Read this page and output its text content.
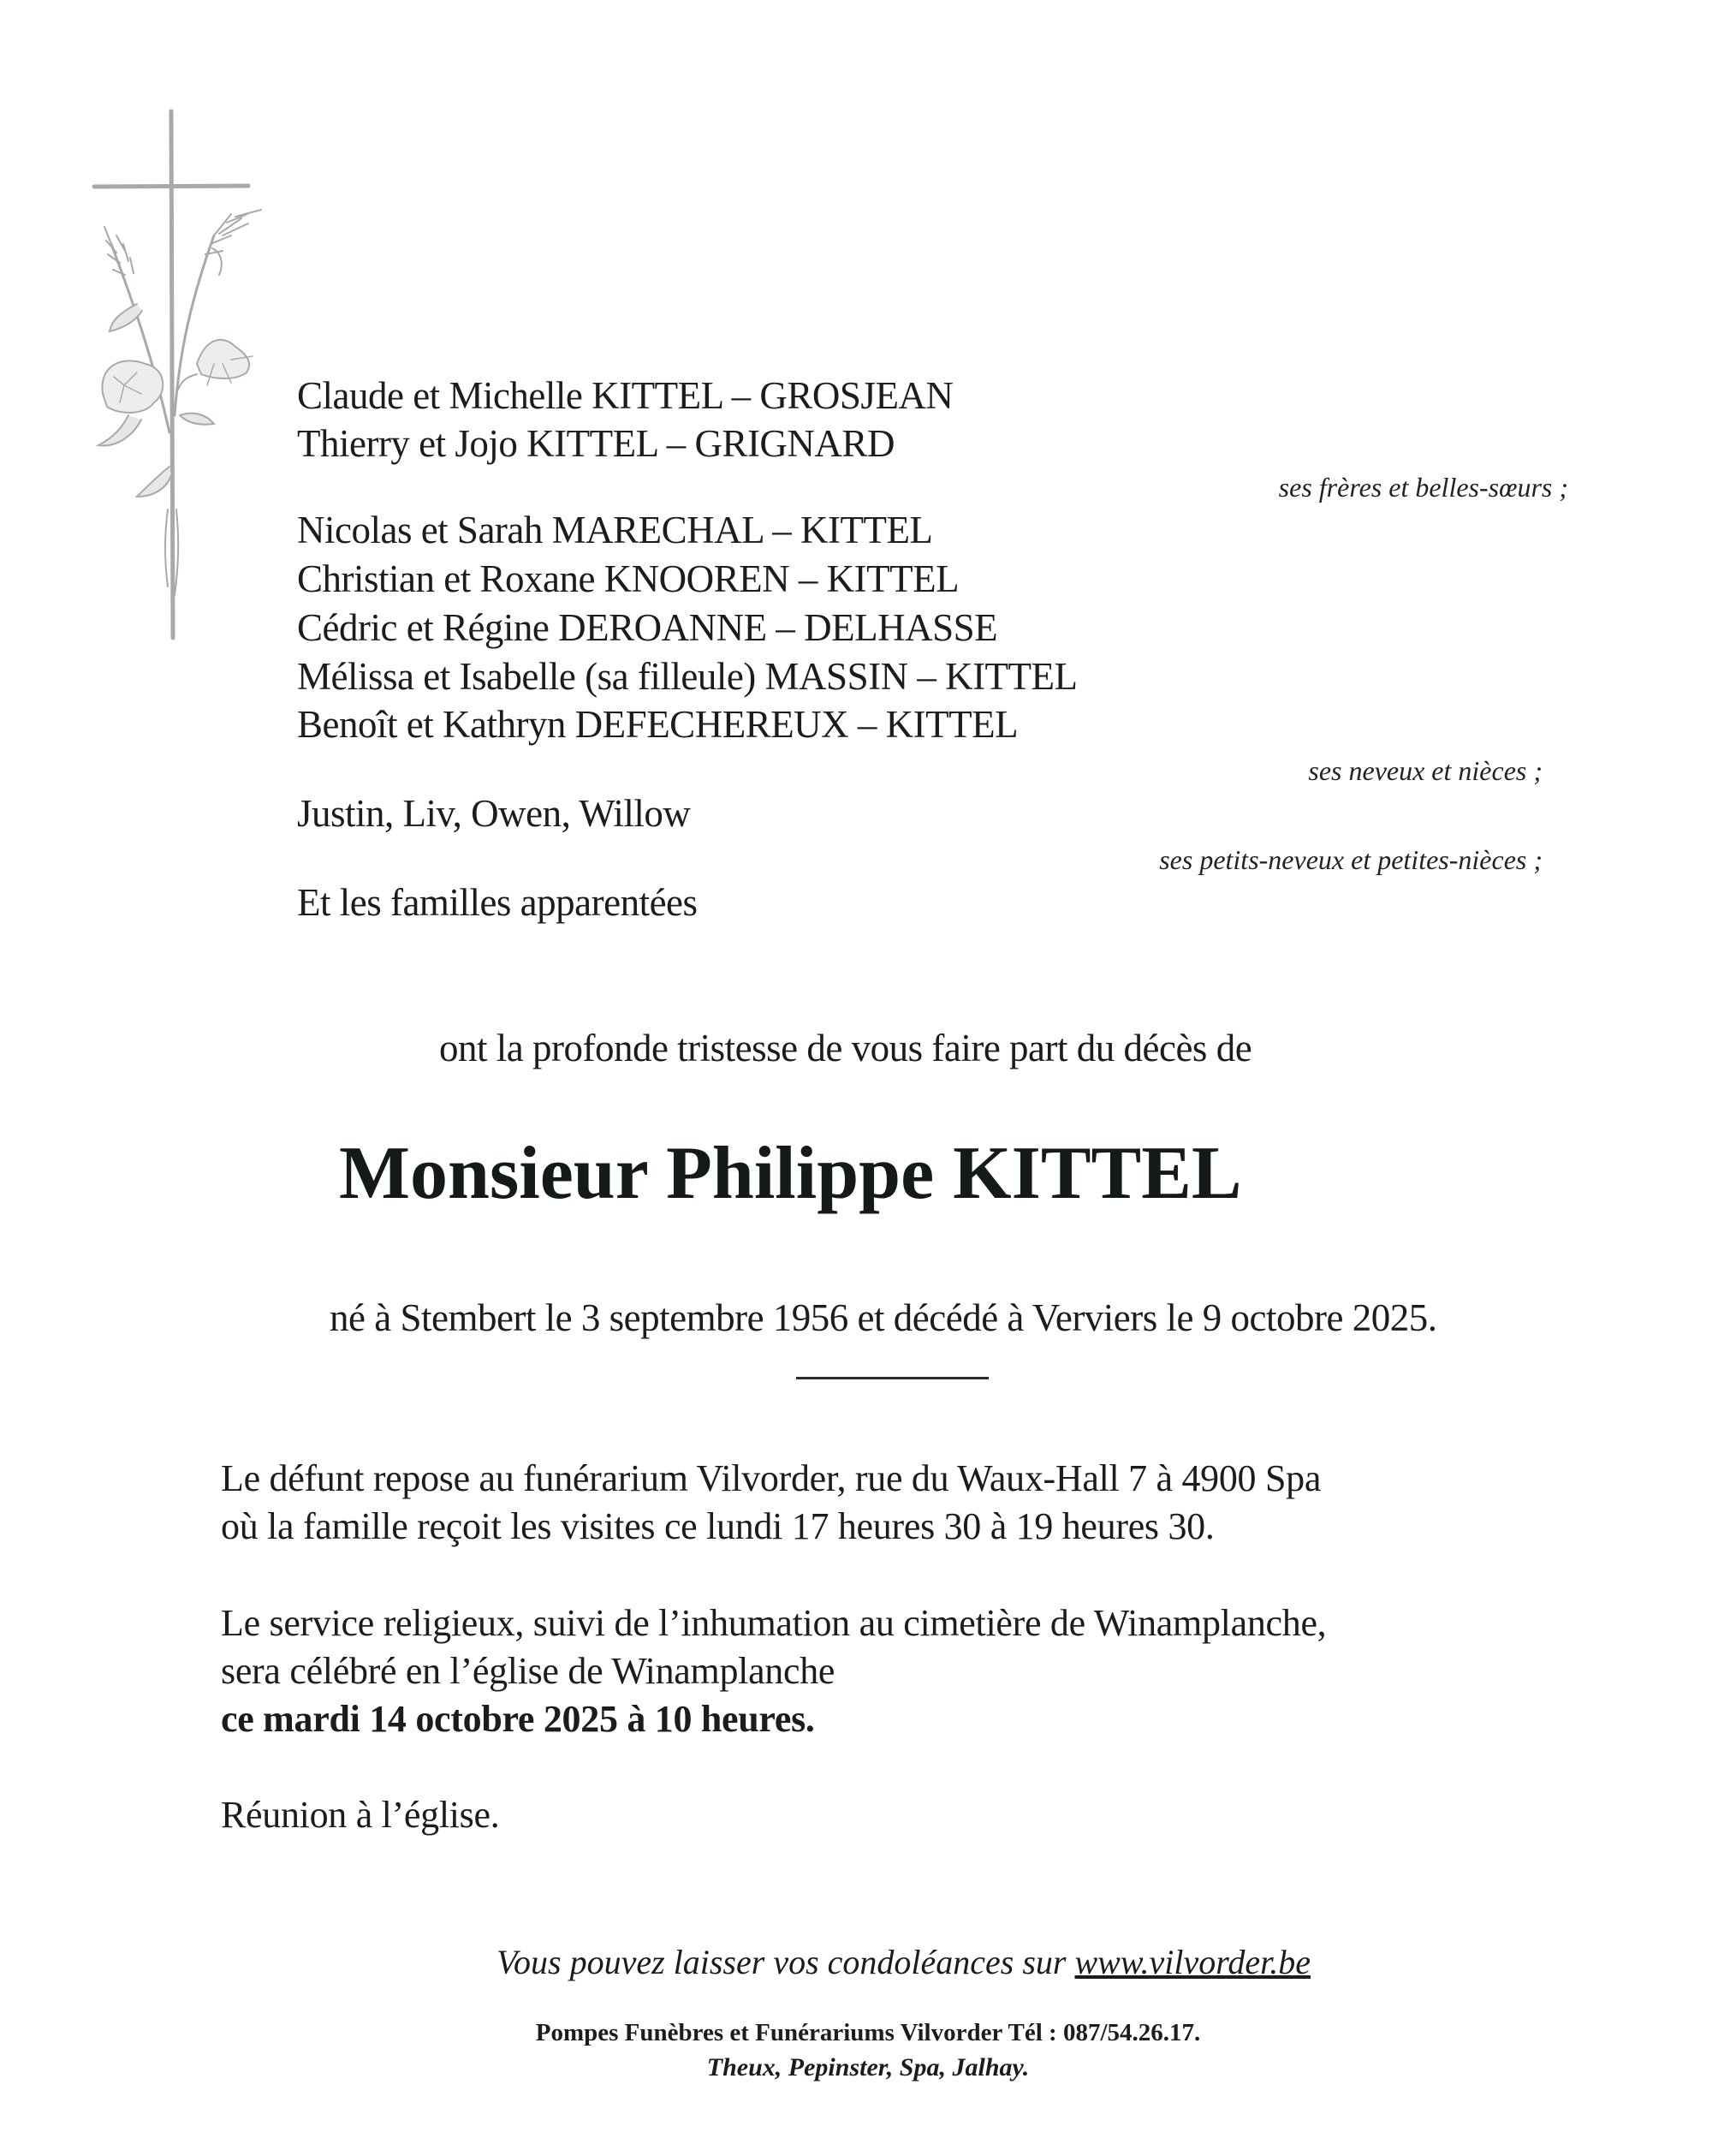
Claude et Michelle KITTEL – GROSJEAN
Thierry et Jojo KITTEL – GRIGNARD
ses frères et belles-sœurs ;
Nicolas et Sarah MARECHAL – KITTEL
Christian et Roxane KNOOREN – KITTEL
Cédric et Régine DEROANNE – DELHASSE
Mélissa et Isabelle (sa filleule) MASSIN – KITTEL
Benoît et Kathryn DEFECHEREUX – KITTEL
ses neveux et nièces ;
Justin, Liv, Owen, Willow
ses petits-neveux et petites-nièces ;
Et les familles apparentées
ont la profonde tristesse de vous faire part du décès de
Monsieur Philippe KITTEL
né à Stembert le 3 septembre 1956 et décédé à Verviers le 9 octobre 2025.
Le défunt repose au funérarium Vilvorder, rue du Waux-Hall 7 à 4900 Spa
où la famille reçoit les visites ce lundi 17 heures 30 à 19 heures 30.
Le service religieux, suivi de l’inhumation au cimetière de Winamplanche,
sera célébré en l’église de Winamplanche
ce mardi 14 octobre 2025 à 10 heures.
Réunion à l’église.
Vous pouvez laisser vos condoléances sur www.vilvorder.be
Pompes Funèbres et Funérariums Vilvorder Tél : 087/54.26.17.
Theux, Pepinster, Spa, Jalhay.
